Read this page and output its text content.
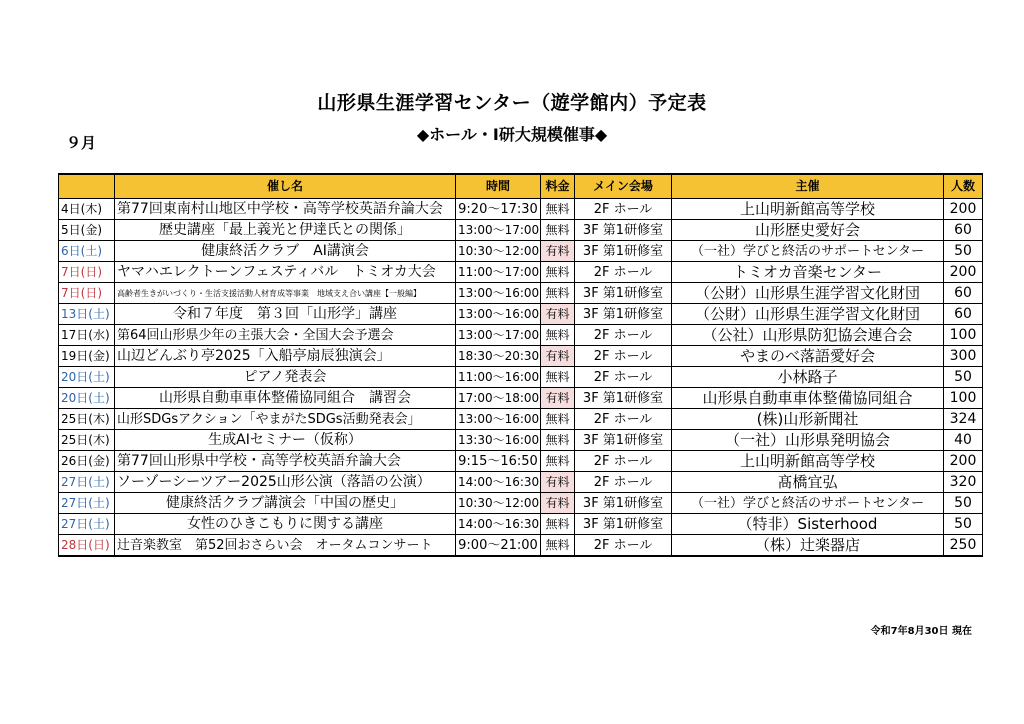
山形県生涯学習センター（遊学館内）予定表
◆ホール・I研大規模催事◆
９月
	催し名	時間	料金	メイン会場	主催	人数
4日(木)	第77回東南村山地区中学校・高等学校英語弁論大会	9:20〜17:30	無料	2F ホール	上山明新館高等学校	200
5日(金)	歴史講座「最上義光と伊達氏との関係」	13:00〜17:00	無料	3F 第1研修室	山形歴史愛好会	60
6日(土)	健康終活クラブ　AI講演会	10:30〜12:00	有料	3F 第1研修室	（一社）学びと終活のサポートセンター	50
7日(日)	ヤマハエレクトーンフェスティバル　トミオカ大会	11:00〜17:00	無料	2F ホール	トミオカ音楽センター	200
7日(日)	高齢者生きがいづくり・生活支援活動人材育成等事業　地域支え合い講座【一般編】	13:00〜16:00	無料	3F 第1研修室	（公財）山形県生涯学習文化財団	60
13日(土)	令和７年度　第３回「山形学」講座	13:00〜16:00	有料	3F 第1研修室	（公財）山形県生涯学習文化財団	60
17日(水)	第64回山形県少年の主張大会・全国大会予選会	13:00〜17:00	無料	2F ホール	（公社）山形県防犯協会連合会	100
19日(金)	山辺どんぶり亭2025「入船亭扇辰独演会」	18:30〜20:30	有料	2F ホール	やまのべ落語愛好会	300
20日(土)	ピアノ発表会	11:00〜16:00	無料	2F ホール	小林路子	50
20日(土)	山形県自動車車体整備協同組合　講習会	17:00〜18:00	有料	3F 第1研修室	山形県自動車車体整備協同組合	100
25日(木)	山形SDGsアクション「やまがたSDGs活動発表会」	13:00〜16:00	無料	2F ホール	(株)山形新聞社	324
25日(木)	生成AIセミナー（仮称）	13:30〜16:00	無料	3F 第1研修室	（一社）山形県発明協会	40
26日(金)	第77回山形県中学校・高等学校英語弁論大会	9:15〜16:50	無料	2F ホール	上山明新館高等学校	200
27日(土)	ソーゾーシーツアー2025山形公演（落語の公演）	14:00〜16:30	有料	2F ホール	髙橋宜弘	320
27日(土)	健康終活クラブ講演会「中国の歴史」	10:30〜12:00	有料	3F 第1研修室	（一社）学びと終活のサポートセンター	50
27日(土)	女性のひきこもりに関する講座	14:00〜16:30	無料	3F 第1研修室	（特非）Sisterhood	50
28日(日)	辻音楽教室　第52回おさらい会　オータムコンサート	9:00〜21:00	無料	2F ホール	（株）辻楽器店	250
令和7年8月30日 現在
